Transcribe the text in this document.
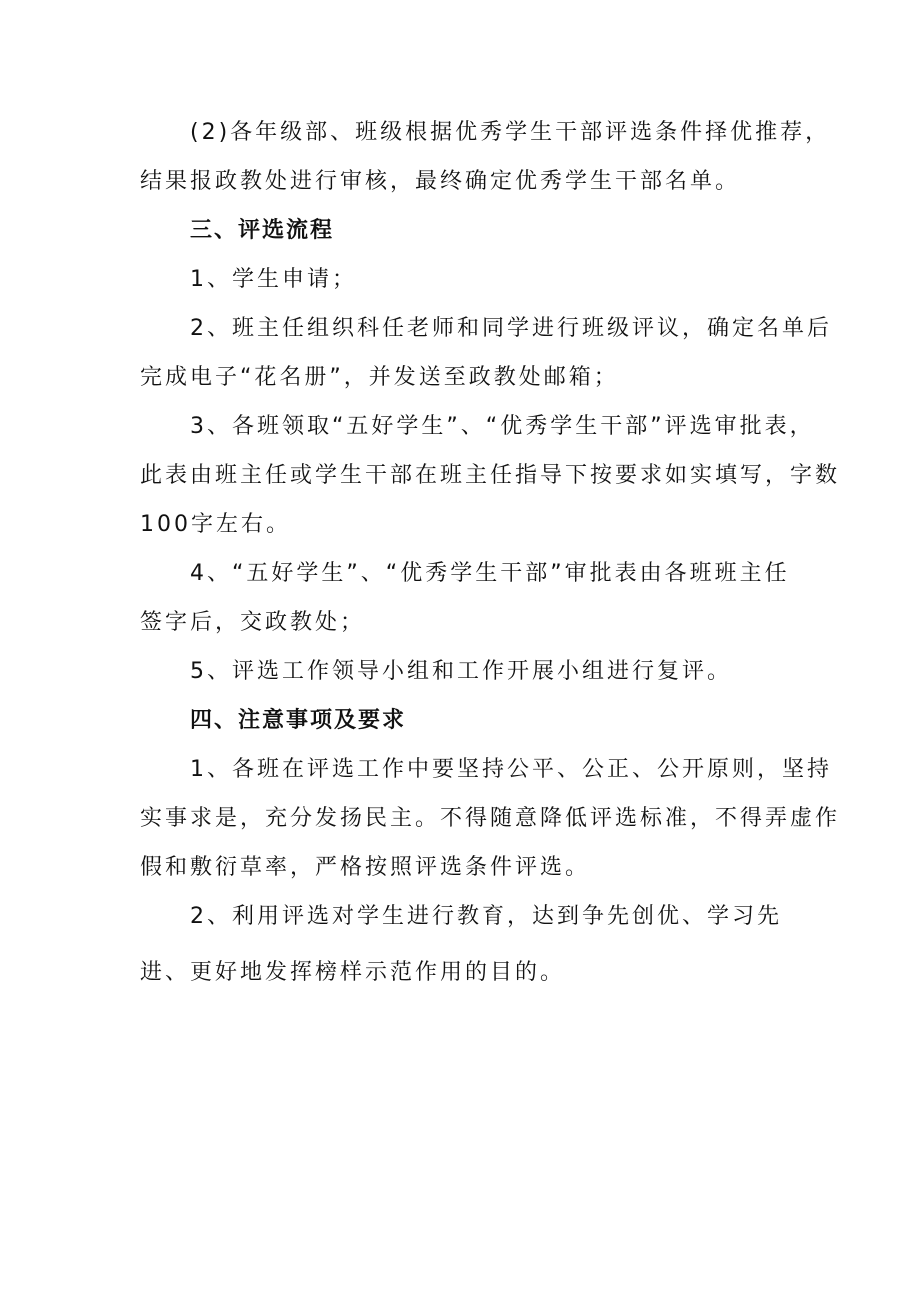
(2)各年级部、班级根据优秀学生干部评选条件择优推荐，
结果报政教处进行审核，最终确定优秀学生干部名单。
三、评选流程
1、学生申请；
2、班主任组织科任老师和同学进行班级评议，确定名单后
完成电子“花名册”，并发送至政教处邮箱；
3、各班领取“五好学生”、“优秀学生干部”评选审批表，
此表由班主任或学生干部在班主任指导下按要求如实填写，字数
100字左右。
4、“五好学生”、“优秀学生干部”审批表由各班班主任
签字后，交政教处；
5、评选工作领导小组和工作开展小组进行复评。
四、注意事项及要求
1、各班在评选工作中要坚持公平、公正、公开原则，坚持
实事求是，充分发扬民主。不得随意降低评选标准，不得弄虚作
假和敷衍草率，严格按照评选条件评选。
2、利用评选对学生进行教育，达到争先创优、学习先
进、更好地发挥榜样示范作用的目的。
